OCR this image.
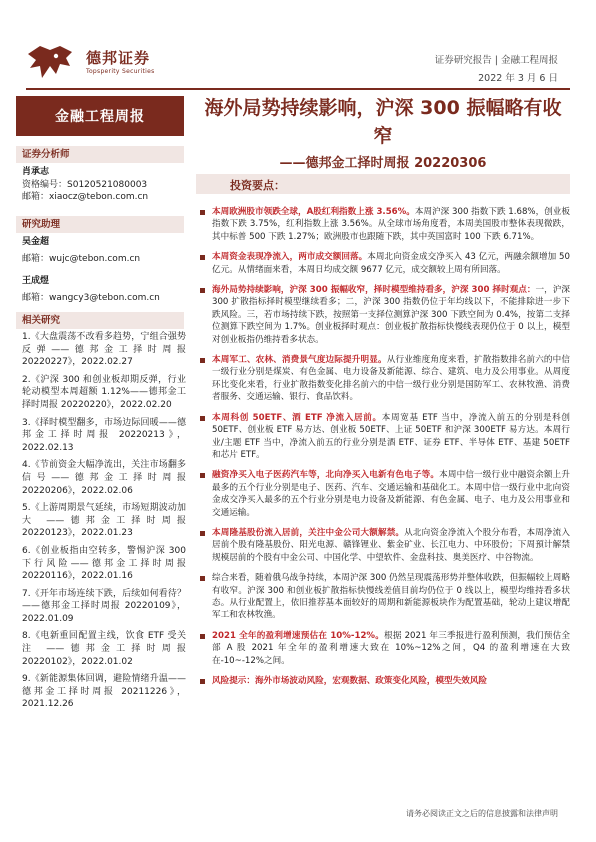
德邦证券
Topsperity Securities
证券研究报告 | 金融工程周报
2022 年 3 月 6 日
金融工程周报
证券分析师
肖承志
资格编号：S0120521080003
邮箱：xiaocz@tebon.com.cn
研究助理
吴金超
邮箱：wujc@tebon.com.cn
王成煜
邮箱：wangcy3@tebon.com.cn
相关研究
1.《大盘震荡不改看多趋势，宁组合强势反弹——德邦金工择时周报 20220227》，2022.02.27
2.《沪深 300 和创业板却期反弹，行业轮动模型本周超额 1.12%——德邦金工择时周报 20220220》，2022.02.20
3.《择时模型翻多，市场边际回暖——德邦金工择时周报 20220213》，2022.02.13
4.《节前资金大幅净流出，关注市场翻多信号——德邦金工择时周报 20220206》，2022.02.06
5.《上游周期景气延续，市场短期波动加大 ——德邦金工择时周报 20220123》，2022.01.23
6.《创业板指由空转多，警惕沪深 300 下行风险——德邦金工择时周报 20220116》，2022.01.16
7.《开年市场连续下跌，后续如何看待？——德邦金工择时周报 20220109》，2022.01.09
8.《电新重回配置主线，饮食 ETF 受关注 ——德邦金工择时周报 20220102》，2022.01.02
9.《新能源集体回调，避险情绪升温——德邦金工择时周报 20211226》，2021.12.26
海外局势持续影响，沪深 300 振幅略有收窄
——德邦金工择时周报 20220306
投资要点：
本周欧洲股市领跌全球，A股红利指数上涨 3.56%。本周沪深 300 指数下跌 1.68%，创业板指数下跌 3.75%，红利指数上涨 3.56%。从全球市场角度看，本周美国股市整体表现微跌，其中标普 500 下跌 1.27%；欧洲股市也跟随下跌，其中英国富时 100 下跌 6.71%。
本周资金表现净流入，两市成交额回落。本周北向资金成交净买入 43 亿元，两融余额增加 50 亿元。从情绪面来看，本周日均成交额 9677 亿元，成交额较上周有所回落。
海外局势持续影响，沪深 300 振幅收窄，择时模型维持看多，沪深 300 择时观点：一，沪深 300 扩散指标择时模型继续看多；二，沪深 300 指数仍位于年均线以下，不能排除进一步下跌风险。三，若市场持续下跌，按照第一支择位测算沪深 300 下跌空间为 0.4%，按第二支择位测算下跌空间为 1.7%。创业板择时观点：创业板扩散指标快慢线表现仍位于 0 以上，模型对创业板指仍维持看多状态。
本周军工、农林、消费景气度边际提升明显。从行业维度角度来看，扩散指数排名前六的中信一级行业分别是煤炭、有色金属、电力设备及新能源、综合、建筑、电力及公用事业。从周度环比变化来看，行业扩散指数变化排名前六的中信一级行业分别是国防军工、农林牧渔、消费者服务、交通运输、银行、食品饮料。
本周科创 50ETF、酒 ETF 净流入居前。本周宽基 ETF 当中，净流入前五的分别是科创 50ETF、创业板 ETF 易方达、创业板 50ETF、上证 50ETF 和沪深 300ETF 易方达。本周行业/主题 ETF 当中，净流入前五的行业分别是酒 ETF、证券 ETF、半导体 ETF、基建 50ETF 和芯片 ETF。
融资净买入电子医药汽车等，北向净买入电新有色电子等。本周中信一级行业中融资余额上升最多的五个行业分别是电子、医药、汽车、交通运输和基础化工。本周中信一级行业中北向资金成交净买入最多的五个行业分别是电力设备及新能源、有色金属、电子、电力及公用事业和交通运输。
本周隆基股份流入居前，关注中金公司大额解禁。从北向资金净流入个股分布看，本周净流入居前个股有隆基股份、阳光电源、赣锋锂业、紫金矿业、长江电力、中环股份；下周預计解禁规模居前的个股有中金公司、中国化学、中望软件、金盘科技、奥美医疗、中谷物流。
综合来看，随着俄乌战争持续，本周沪深 300 仍然呈现震荡形势并整体收跌，但振幅较上周略有收窄。沪深 300 和创业板扩散指标快慢线差值目前均仍位于 0 线以上，模型均维持看多状态。从行业配置上，依旧推荐基本面较好的周期和新能源板块作为配置基础，轮动上建议增配军工和农林牧渔。
2021 全年的盈利增速预估在 10%-12%。根据 2021 年三季报进行盈利预测，我们预估全部 A 股 2021 年全年的盈利增速大致在 10%~12%之间，Q4 的盈利增速在大致在-10~-12%之间。
风险提示：海外市场波动风险，宏观数据、政策变化风险，模型失效风险
请务必阅读正文之后的信息披露和法律声明
